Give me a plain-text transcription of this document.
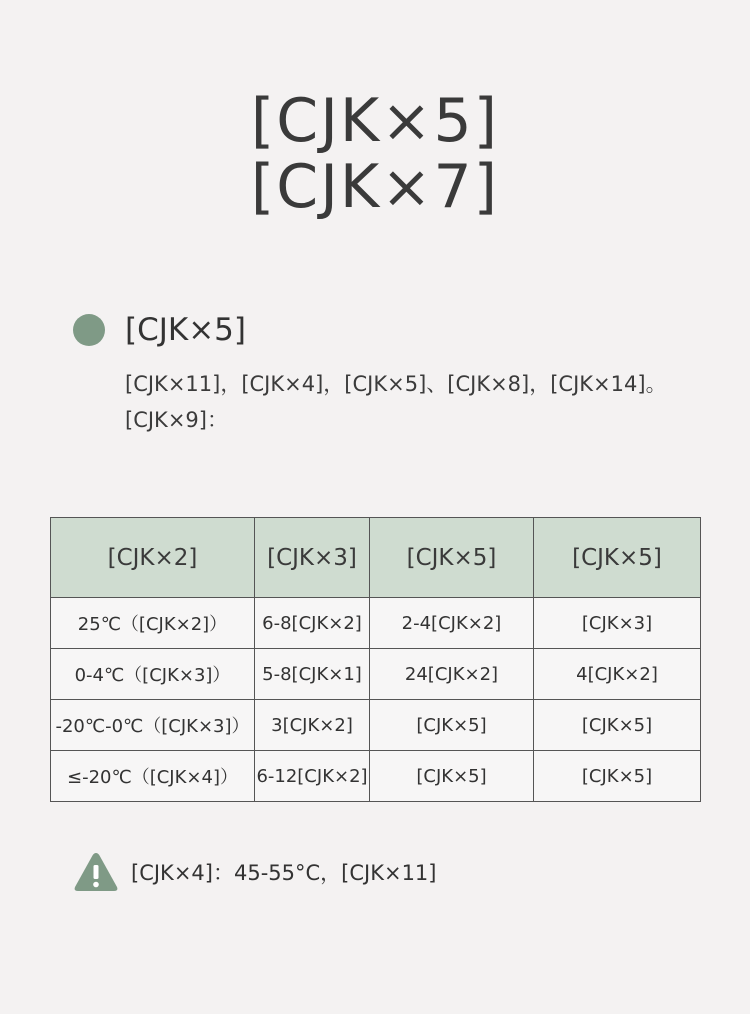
[CJK×5]
[CJK×7]
[CJK×5]

[CJK×11]，[CJK×4]，[CJK×5]、[CJK×8]，[CJK×14]。[CJK×9]：

[CJK×2]	[CJK×3]	[CJK×5]	[CJK×5]
25℃（[CJK×2]）	6-8[CJK×2]	2-4[CJK×2]	[CJK×3]
0-4℃（[CJK×3]）	5-8[CJK×1]	24[CJK×2]	4[CJK×2]
-20℃-0℃（[CJK×3]）	3[CJK×2]	[CJK×5]	[CJK×5]
≤-20℃（[CJK×4]）	6-12[CJK×2]	[CJK×5]	[CJK×5]
[CJK×4]：45-55°C，[CJK×11]
